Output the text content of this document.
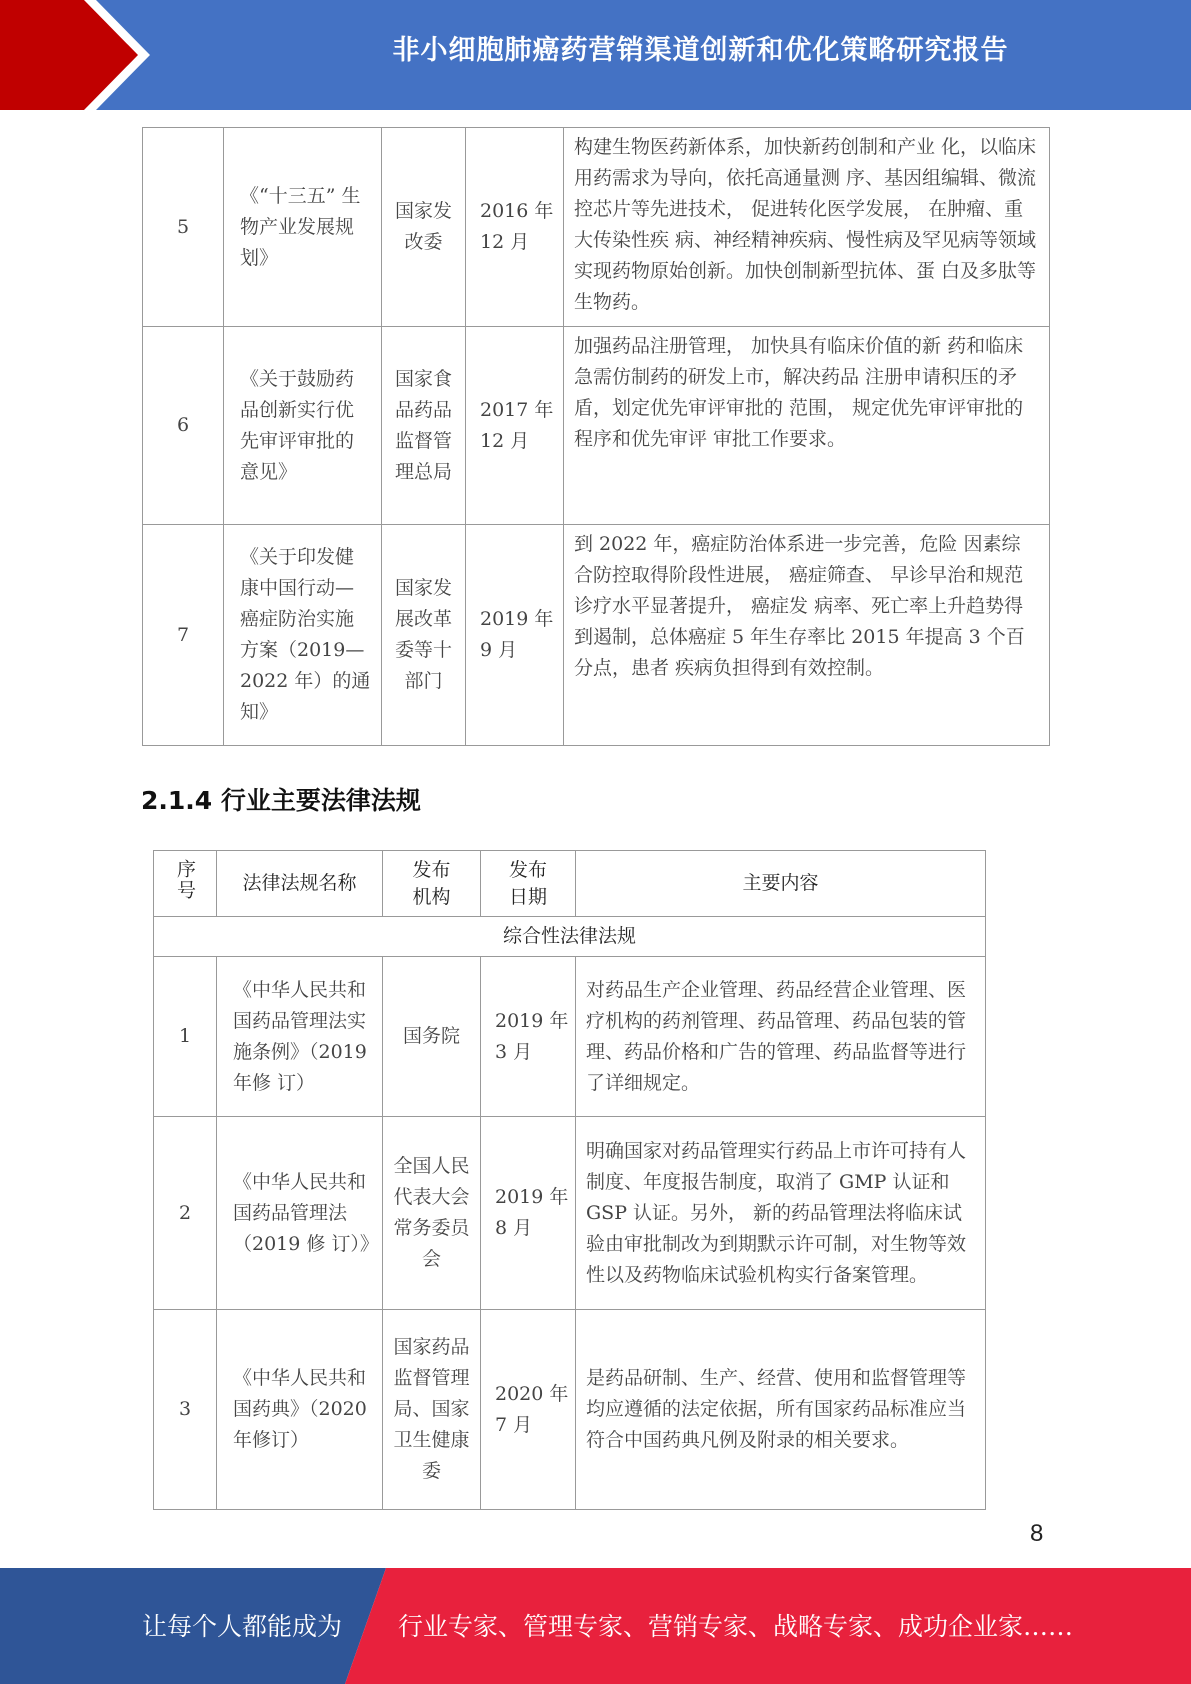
非小细胞肺癌药营销渠道创新和优化策略研究报告
5	《“十三五” 生物产业发展规划》	国家发改委	2016 年 12 月	构建生物医药新体系，加快新药创制和产业 化，以临床用药需求为导向，依托高通量测 序、基因组编辑、微流控芯片等先进技术， 促进转化医学发展， 在肿瘤、重大传染性疾 病、神经精神疾病、慢性病及罕见病等领域 实现药物原始创新。加快创制新型抗体、蛋 白及多肽等生物药。
6	《关于鼓励药品创新实行优先审评审批的意见》	国家食品药品监督管理总局	2017 年 12 月	加强药品注册管理， 加快具有临床价值的新 药和临床急需仿制药的研发上市，解决药品 注册申请积压的矛盾，划定优先审评审批的 范围， 规定优先审评审批的程序和优先审评 审批工作要求。
7	《关于印发健康中国行动—癌症防治实施方案（2019—2022 年）的通 知》	国家发 展改革委等十 部门	2019 年 9 月	到 2022 年，癌症防治体系进一步完善，危险 因素综合防控取得阶段性进展， 癌症筛查、 早诊早治和规范诊疗水平显著提升， 癌症发 病率、死亡率上升趋势得到遏制，总体癌症 5 年生存率比 2015 年提高 3 个百分点，患者 疾病负担得到有效控制。
2.1.4 行业主要法律法规
序号	法律法规名称	发布机构	发布日期	主要内容
综合性法律法规				
1	《中华人民共和国药品管理法实施条例》（2019 年修 订）	国务院	2019 年 3 月	对药品生产企业管理、药品经营企业管理、医疗机构的药剂管理、药品管理、药品包装的管理、药品价格和广告的管理、药品监督等进行了详细规定。
2	《中华人民共和国药品管理法（2019 修 订）》	全国人民代表大会常务委员会	2019 年 8 月	明确国家对药品管理实行药品上市许可持有人制度、年度报告制度，取消了 GMP 认证和 GSP 认证。另外， 新的药品管理法将临床试验由审批制改为到期默示许可制，对生物等效性以及药物临床试验机构实行备案管理。
3	《中华人民共和国药典》（2020 年修订）	国家药品监督管理局、国家卫生健康委	2020 年 7 月	是药品研制、生产、经营、使用和监督管理等均应遵循的法定依据，所有国家药品标准应当符合中国药典凡例及附录的相关要求。
8
让每个人都能成为 行业专家、管理专家、营销专家、战略专家、成功企业家……
